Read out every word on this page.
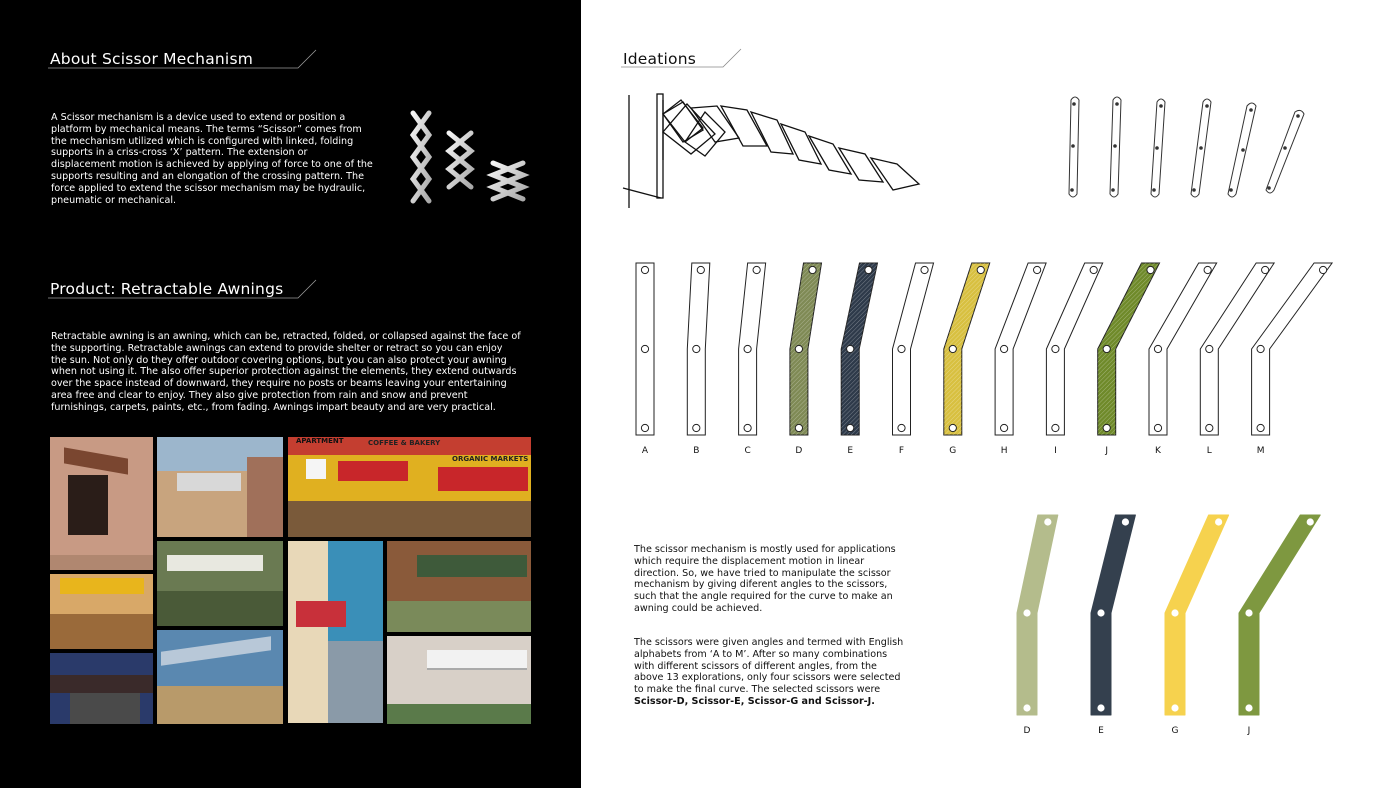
About Scissor Mechanism
A Scissor mechanism is a device used to extend or position a platform by mechanical means. The terms “Scissor” comes from the mechanism utilized which is configured with linked, folding supports in a criss-cross ‘X’ pattern. The extension or displacement motion is achieved by applying of force to one of the supports resulting and an elongation of the crossing pattern. The force applied to extend the scissor mechanism may be hydraulic, pneumatic or mechanical.
Product: Retractable Awnings
Retractable awning is an awning, which can be, retracted, folded, or collapsed against the face of the supporting. Retractable awnings can extend to provide shelter or retract so you can enjoy the sun. Not only do they offer outdoor covering options, but you can also protect your awning when not using it. The also offer superior protection against the elements, they extend outwards over the space instead of downward, they require no posts or beams leaving your entertaining area free and clear to enjoy. They also give protection from rain and snow and prevent furnishings, carpets, paints, etc., from fading. Awnings impart beauty and are very practical.
APARTMENT	COFFEE & BAKERY
ORGANIC MARKETS
Ideations
A	B	C	D	E	F	G	H	I	J	K	L	M
The scissor mechanism is mostly used for applications which require the displacement motion in linear direction. So, we have tried to manipulate the scissor mechanism by giving diferent angles to the scissors, such that the angle required for the curve to make an awning could be achieved.
The scissors were given angles and termed with English alphabets from ‘A to M’. After so many combinations with different scissors of different angles, from the above 13 explorations, only four scissors were selected to make the final curve. The selected scissors were Scissor-D, Scissor-E, Scissor-G and Scissor-J.
D	E	G	J
